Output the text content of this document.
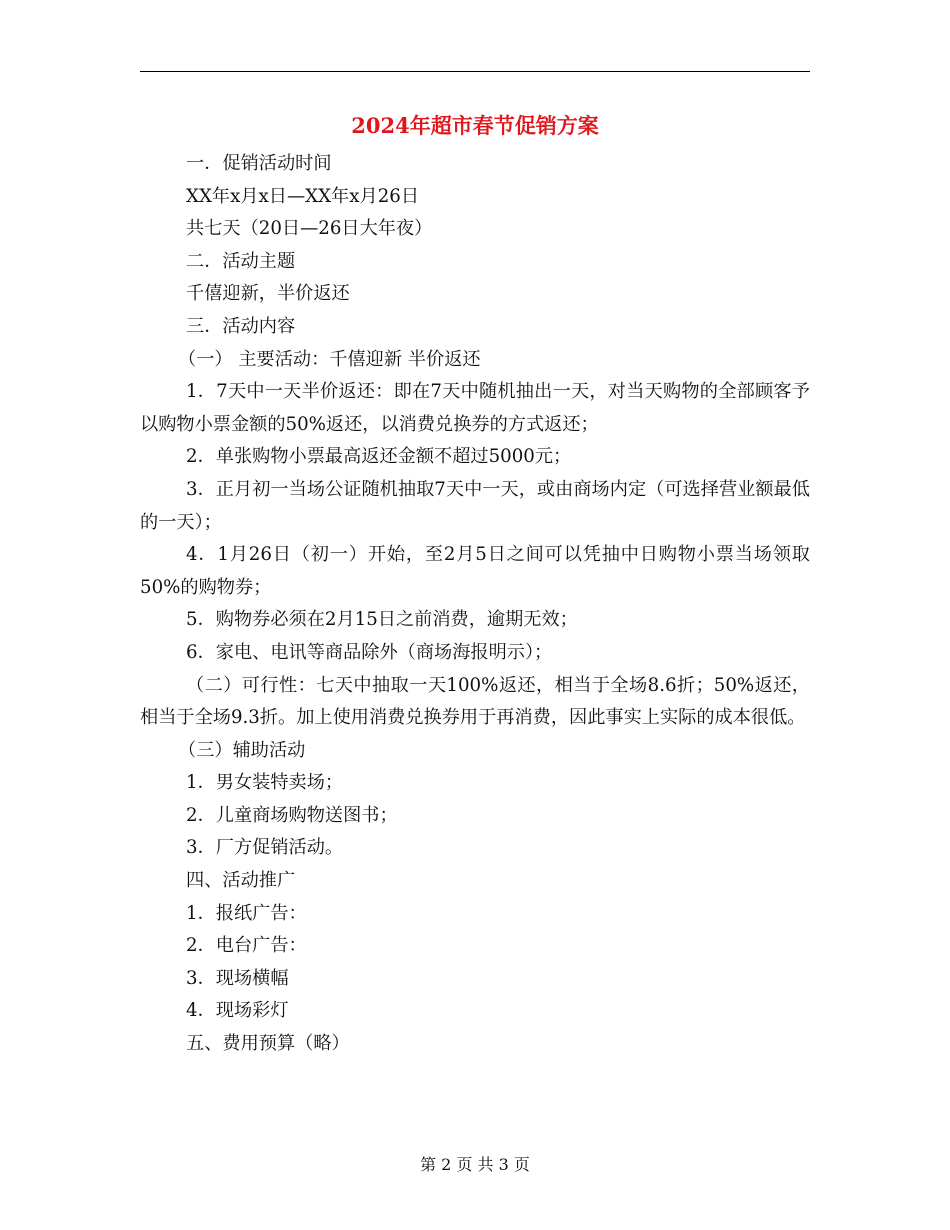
2024年超市春节促销方案

一．促销活动时间

XX年x月x日—XX年x月26日

共七天（20日—26日大年夜）

二．活动主题

千僖迎新，半价返还

三．活动内容

（一） 主要活动：千僖迎新 半价返还

1．7天中一天半价返还：即在7天中随机抽出一天，对当天购物的全部顾客予以购物小票金额的50%返还，以消费兑换券的方式返还；

2．单张购物小票最高返还金额不超过5000元；

3．正月初一当场公证随机抽取7天中一天，或由商场内定（可选择营业额最低的一天）；

4．1月26日（初一）开始，至2月5日之间可以凭抽中日购物小票当场领取50%的购物券；

5．购物券必须在2月15日之前消费，逾期无效；

6．家电、电讯等商品除外（商场海报明示）；

（二）可行性：七天中抽取一天100%返还，相当于全场8.6折；50%返还，相当于全场9.3折。加上使用消费兑换券用于再消费，因此事实上实际的成本很低。

（三）辅助活动

1．男女装特卖场；

2．儿童商场购物送图书；

3．厂方促销活动。

四、活动推广

1．报纸广告：

2．电台广告：

3．现场横幅

4．现场彩灯

五、费用预算（略）

第 2 页 共 3 页
